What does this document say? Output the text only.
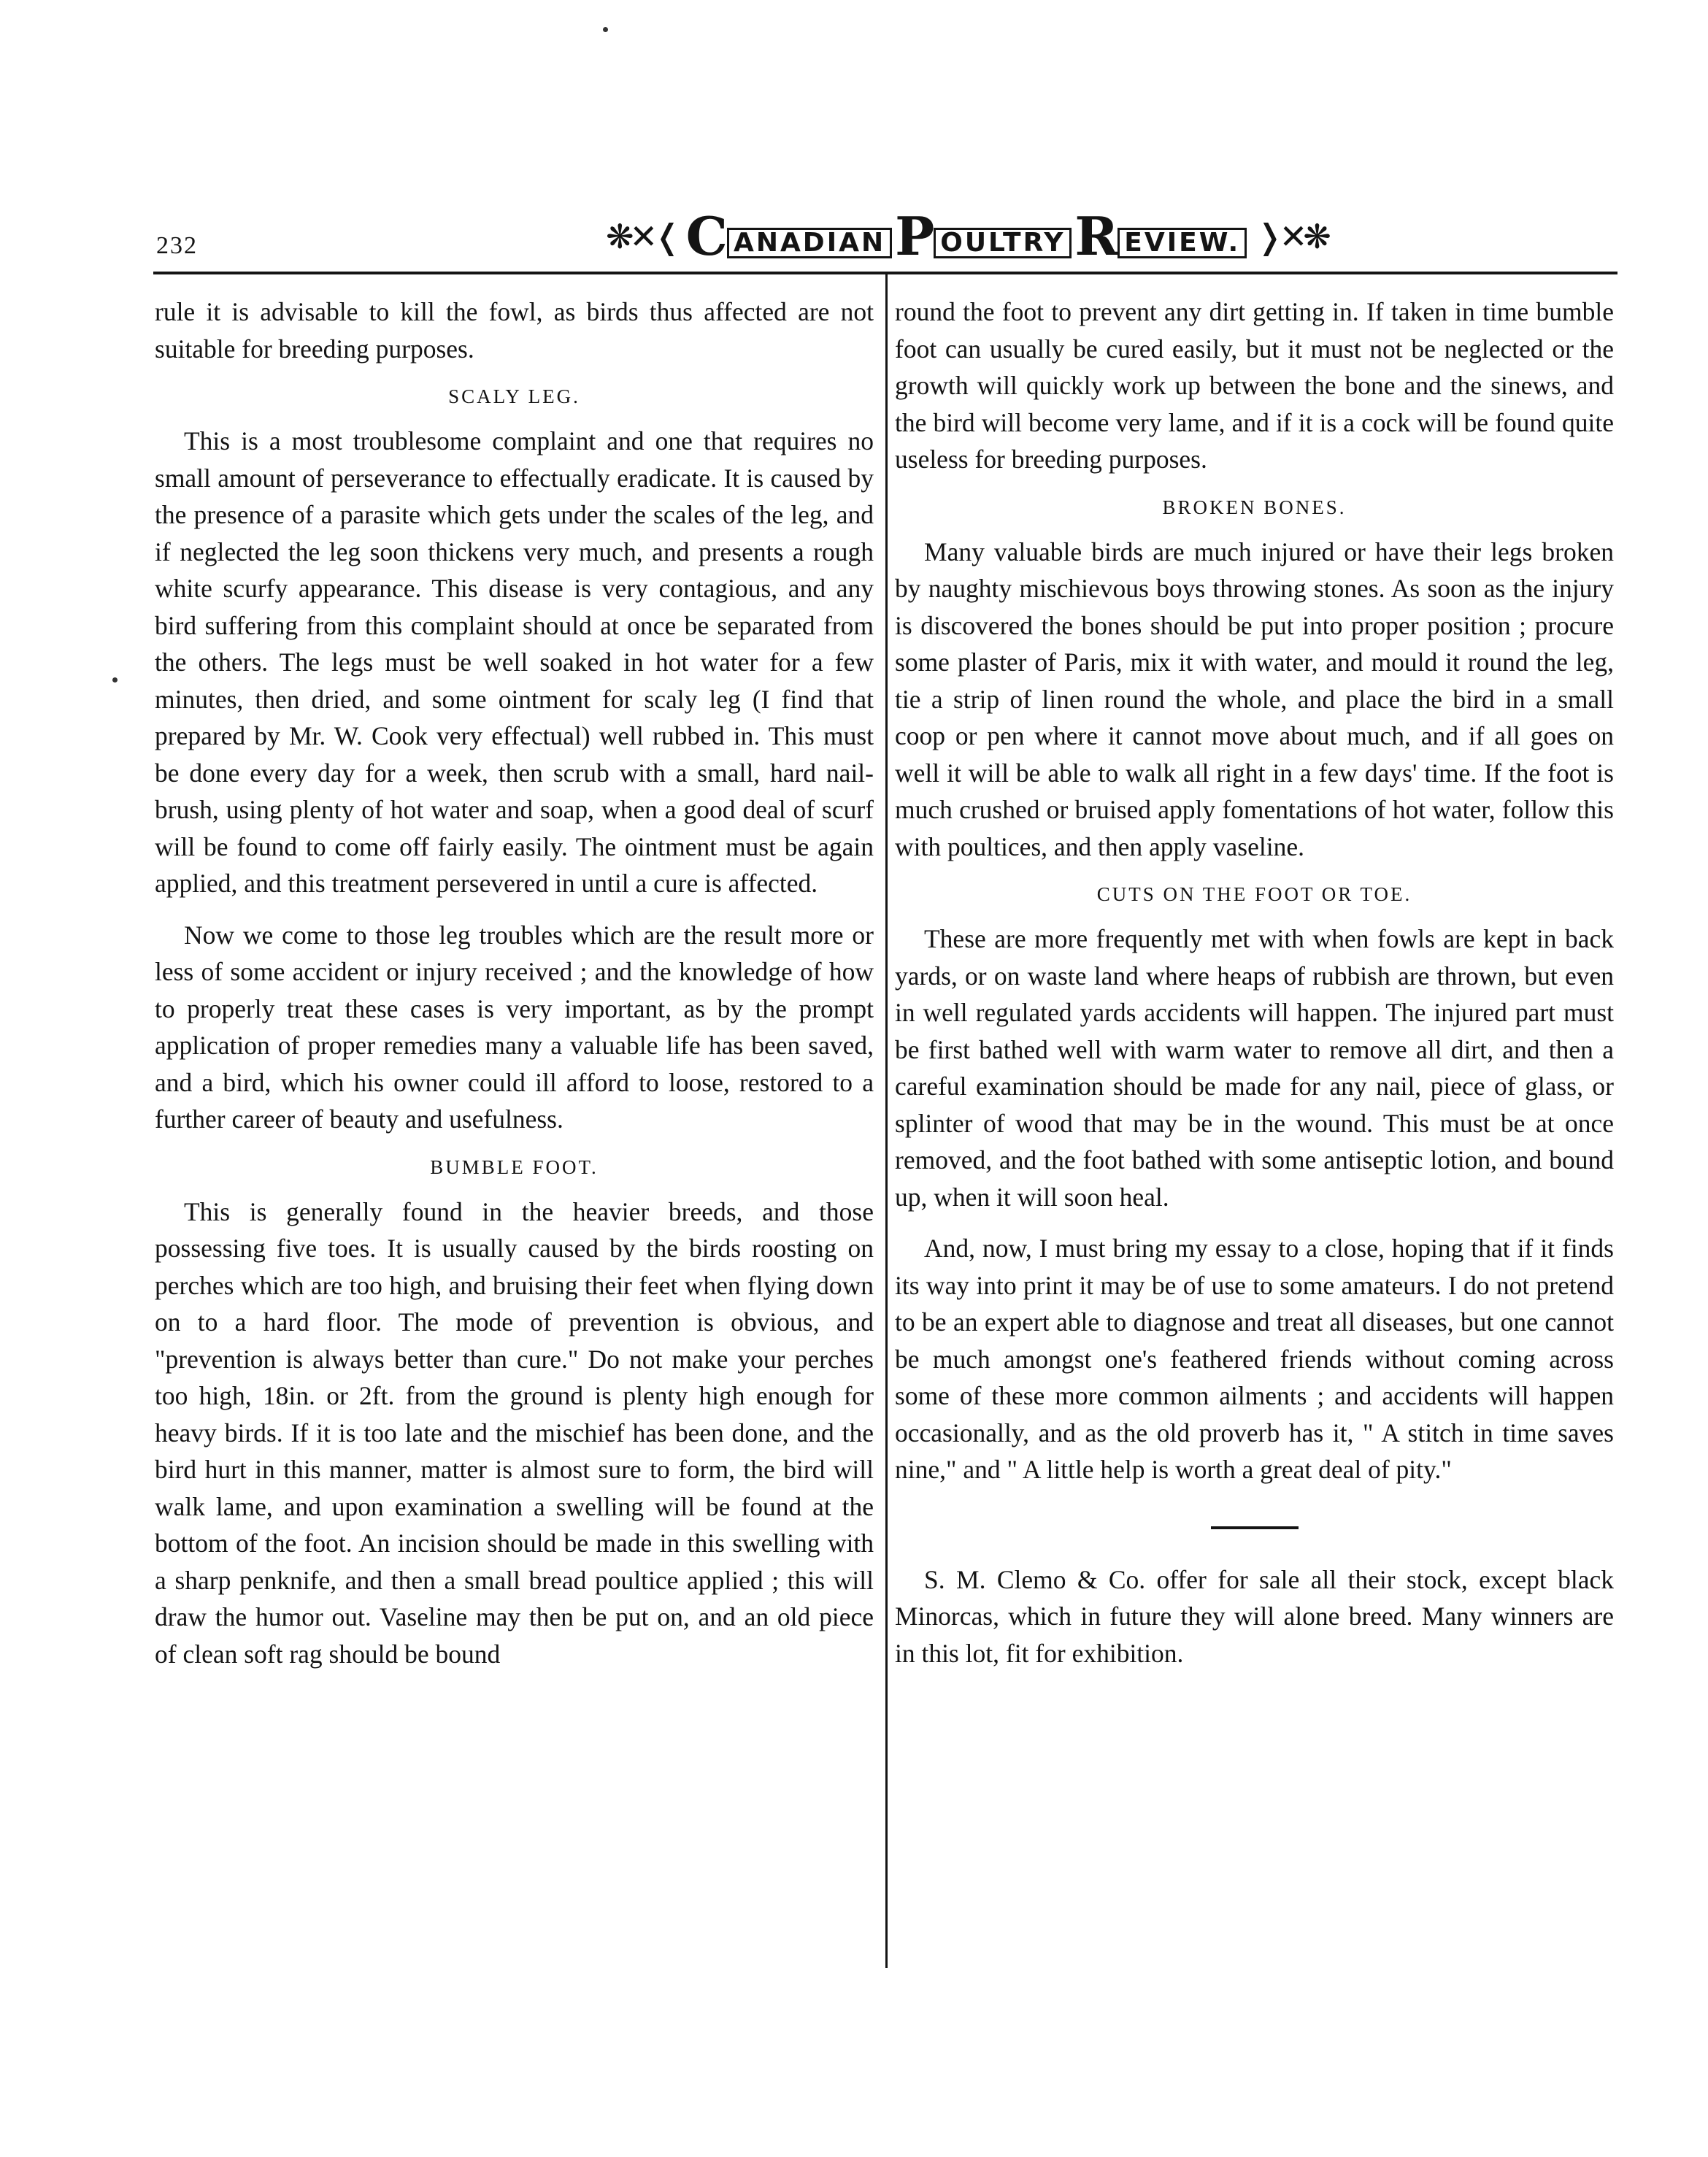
232	❋✕❬ C ANADIAN P OULTRY R EVIEW. ❭✕❋

rule it is advisable to kill the fowl, as birds thus affected are not suitable for breeding purposes.

SCALY LEG.

This is a most troublesome complaint and one that requires no small amount of perseverance to effectually eradicate. It is caused by the presence of a parasite which gets under the scales of the leg, and if neglected the leg soon thickens very much, and presents a rough white scurfy appearance. This disease is very contagious, and any bird suffering from this complaint should at once be separated from the others. The legs must be well soaked in hot water for a few minutes, then dried, and some ointment for scaly leg (I find that prepared by Mr. W. Cook very effectual) well rubbed in. This must be done every day for a week, then scrub with a small, hard nail-brush, using plenty of hot water and soap, when a good deal of scurf will be found to come off fairly easily. The ointment must be again applied, and this treatment persevered in until a cure is affected.

Now we come to those leg troubles which are the result more or less of some accident or injury received ; and the knowledge of how to properly treat these cases is very important, as by the prompt application of proper remedies many a valuable life has been saved, and a bird, which his owner could ill afford to loose, restored to a further career of beauty and usefulness.

BUMBLE FOOT.

This is generally found in the heavier breeds, and those possessing five toes. It is usually caused by the birds roosting on perches which are too high, and bruising their feet when flying down on to a hard floor. The mode of prevention is obvious, and "prevention is always better than cure." Do not make your perches too high, 18in. or 2ft. from the ground is plenty high enough for heavy birds. If it is too late and the mischief has been done, and the bird hurt in this manner, matter is almost sure to form, the bird will walk lame, and upon examination a swelling will be found at the bottom of the foot. An incision should be made in this swelling with a sharp penknife, and then a small bread poultice applied ; this will draw the humor out. Vaseline may then be put on, and an old piece of clean soft rag should be bound

round the foot to prevent any dirt getting in. If taken in time bumble foot can usually be cured easily, but it must not be neglected or the growth will quickly work up between the bone and the sinews, and the bird will become very lame, and if it is a cock will be found quite useless for breeding purposes.

BROKEN BONES.

Many valuable birds are much injured or have their legs broken by naughty mischievous boys throwing stones. As soon as the injury is discovered the bones should be put into proper position ; procure some plaster of Paris, mix it with water, and mould it round the leg, tie a strip of linen round the whole, and place the bird in a small coop or pen where it cannot move about much, and if all goes on well it will be able to walk all right in a few days' time. If the foot is much crushed or bruised apply fomentations of hot water, follow this with poultices, and then apply vaseline.

CUTS ON THE FOOT OR TOE.

These are more frequently met with when fowls are kept in back yards, or on waste land where heaps of rubbish are thrown, but even in well regulated yards accidents will happen. The injured part must be first bathed well with warm water to remove all dirt, and then a careful examination should be made for any nail, piece of glass, or splinter of wood that may be in the wound. This must be at once removed, and the foot bathed with some antiseptic lotion, and bound up, when it will soon heal.

And, now, I must bring my essay to a close, hoping that if it finds its way into print it may be of use to some amateurs. I do not pretend to be an expert able to diagnose and treat all diseases, but one cannot be much amongst one's feathered friends without coming across some of these more common ailments ; and accidents will happen occasionally, and as the old proverb has it, " A stitch in time saves nine," and " A little help is worth a great deal of pity."

S. M. Clemo & Co. offer for sale all their stock, except black Minorcas, which in future they will alone breed. Many winners are in this lot, fit for exhibition.
